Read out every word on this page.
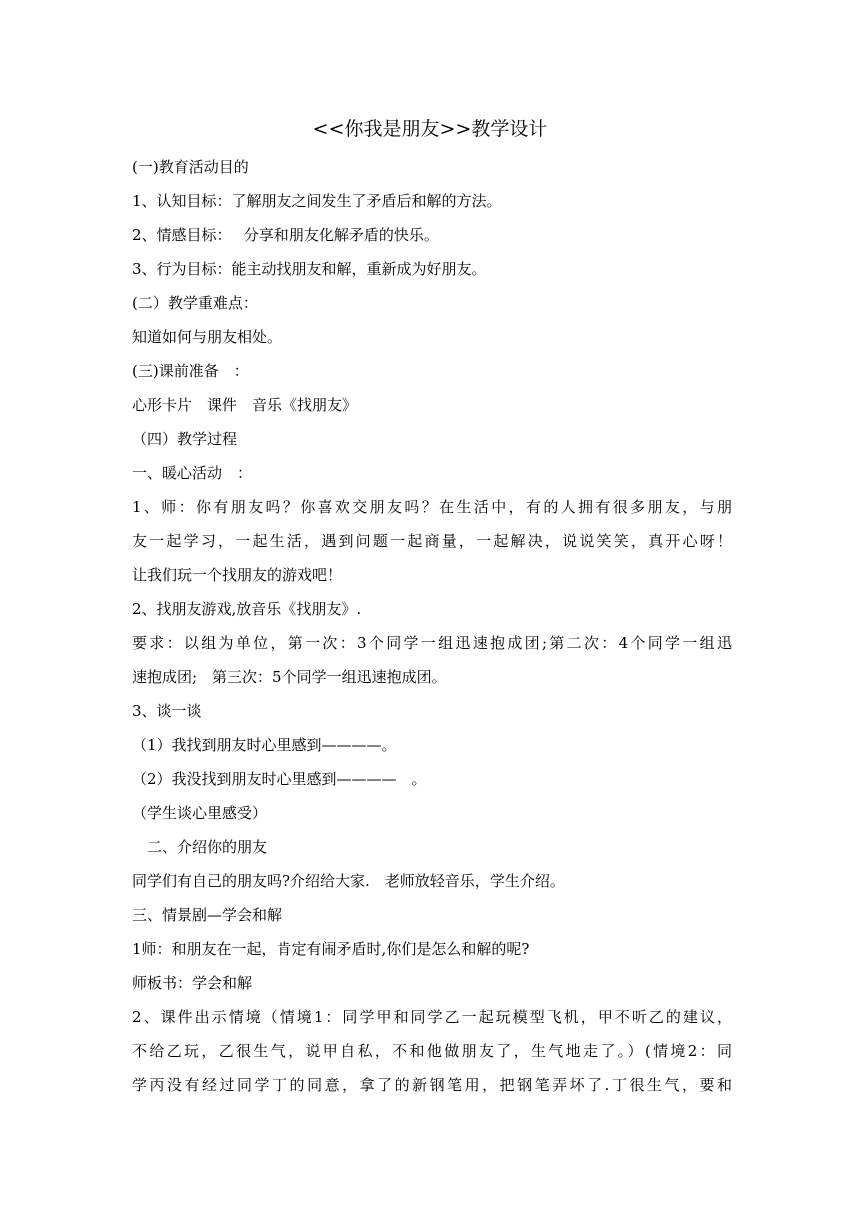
<<你我是朋友>>教学设计
(一)教育活动目的
1、认知目标：了解朋友之间发生了矛盾后和解的方法。
2、情感目标：　 分享和朋友化解矛盾的快乐。
3、行为目标：能主动找朋友和解，重新成为好朋友。
(二）教学重难点：
知道如何与朋友相处。
(三)课前准备　：
心形卡片　课件　音乐《找朋友》
（四）教学过程
一、暖心活动　：
1、师：你有朋友吗？你喜欢交朋友吗？在生活中，有的人拥有很多朋友，与朋
友一起学习，一起生活，遇到问题一起商量，一起解决，说说笑笑，真开心呀！
让我们玩一个找朋友的游戏吧！
2、找朋友游戏,放音乐《找朋友》.
要求：以组为单位，第一次：3个同学一组迅速抱成团;第二次：4个同学一组迅
速抱成团;　第三次：5个同学一组迅速抱成团。
3、谈一谈
（1）我找到朋友时心里感到————。
（2）我没找到朋友时心里感到————　。
（学生谈心里感受）
　二、介绍你的朋友
同学们有自己的朋友吗?介绍给大家.　老师放轻音乐，学生介绍。
三、情景剧—学会和解
1师：和朋友在一起，肯定有闹矛盾时,你们是怎么和解的呢?
师板书：学会和解
2、课件出示情境（情境1：同学甲和同学乙一起玩模型飞机，甲不听乙的建议，
不给乙玩，乙很生气，说甲自私，不和他做朋友了，生气地走了。）(情境2：同
学丙没有经过同学丁的同意，拿了的新钢笔用，把钢笔弄坏了.丁很生气，要和
